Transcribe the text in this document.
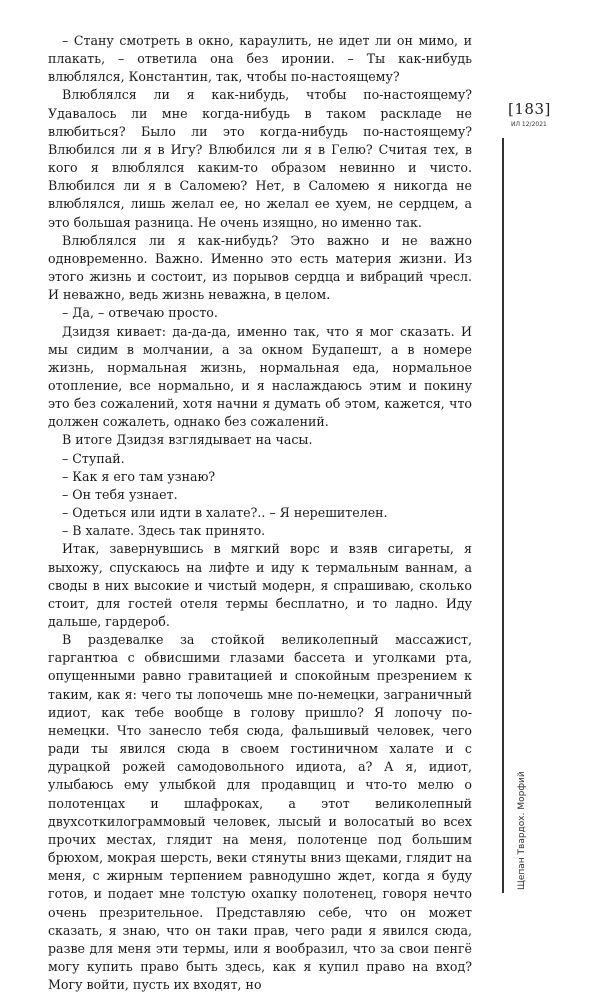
– Стану смотреть в окно, караулить, не идет ли он мимо, и плакать, – ответила она без иронии. – Ты как-нибудь влюблялся, Константин, так, чтобы по-настоящему?

Влюблялся ли я как-нибудь, чтобы по-настоящему? Удавалось ли мне когда-нибудь в таком раскладе не влюбиться? Было ли это когда-нибудь по-настоящему? Влюбился ли я в Игу? Влюбился ли я в Гелю? Считая тех, в кого я влюблялся каким-то образом невинно и чисто. Влюбился ли я в Саломею? Нет, в Саломею я никогда не влюблялся, лишь желал ее, но желал ее хуем, не сердцем, а это большая разница. Не очень изящно, но именно так.

Влюблялся ли я как-нибудь? Это важно и не важно одновременно. Важно. Именно это есть материя жизни. Из этого жизнь и состоит, из порывов сердца и вибраций чресл. И неважно, ведь жизнь неважна, в целом.

– Да, – отвечаю просто.

Дзидзя кивает: да-да-да, именно так, что я мог сказать. И мы сидим в молчании, а за окном Будапешт, а в номере жизнь, нормальная жизнь, нормальная еда, нормальное отопление, все нормально, и я наслаждаюсь этим и покину это без сожалений, хотя начни я думать об этом, кажется, что должен сожалеть, однако без сожалений.

В итоге Дзидзя взглядывает на часы.

– Ступай.

– Как я его там узнаю?

– Он тебя узнает.

– Одеться или идти в халате?.. – Я нерешителен.

– В халате. Здесь так принято.

Итак, завернувшись в мягкий ворс и взяв сигареты, я выхожу, спускаюсь на лифте и иду к термальным ваннам, а своды в них высокие и чистый модерн, я спрашиваю, сколько стоит, для гостей отеля термы бесплатно, и то ладно. Иду дальше, гардероб.

В раздевалке за стойкой великолепный массажист, гаргантюа с обвисшими глазами бассета и уголками рта, опущенными равно гравитацией и спокойным презрением к таким, как я: чего ты лопочешь мне по-немецки, заграничный идиот, как тебе вообще в голову пришло? Я лопочу по-немецки. Что занесло тебя сюда, фальшивый человек, чего ради ты явился сюда в своем гостиничном халате и с дурацкой рожей самодовольного идиота, а? А я, идиот, улыбаюсь ему улыбкой для продавщиц и что-то мелю о полотенцах и шлафроках, а этот великолепный двухсоткилограммовый человек, лысый и волосатый во всех прочих местах, глядит на меня, полотенце под большим брюхом, мокрая шерсть, веки стянуты вниз щеками, глядит на меня, с жирным терпением равнодушно ждет, когда я буду готов, и подает мне толстую охапку полотенец, говоря нечто очень презрительное. Представляю себе, что он может сказать, я знаю, что он таки прав, чего ради я явился сюда, разве для меня эти термы, или я вообразил, что за свои пенгё могу купить право быть здесь, как я купил право на вход? Могу войти, пусть их входят, но

[183]
ИЛ 12/2021
Щепан Твардох. Морфий
